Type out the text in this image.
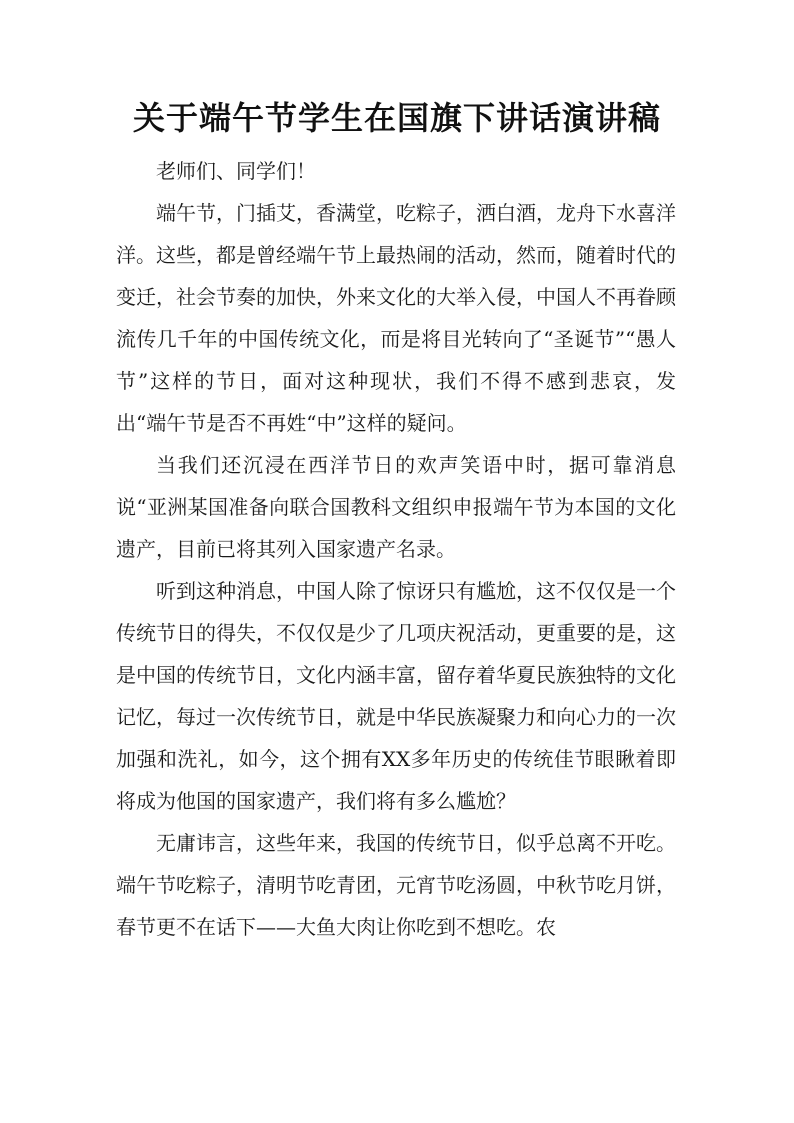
关于端午节学生在国旗下讲话演讲稿

老师们、同学们！

端午节，门插艾，香满堂，吃粽子，洒白酒，龙舟下水喜洋洋。这些，都是曾经端午节上最热闹的活动，然而，随着时代的变迁，社会节奏的加快，外来文化的大举入侵，中国人不再眷顾流传几千年的中国传统文化，而是将目光转向了“圣诞节”“愚人节”这样的节日，面对这种现状，我们不得不感到悲哀，发出“端午节是否不再姓“中”这样的疑问。

当我们还沉浸在西洋节日的欢声笑语中时，据可靠消息说“亚洲某国准备向联合国教科文组织申报端午节为本国的文化遗产，目前已将其列入国家遗产名录。

听到这种消息，中国人除了惊讶只有尴尬，这不仅仅是一个传统节日的得失，不仅仅是少了几项庆祝活动，更重要的是，这是中国的传统节日，文化内涵丰富，留存着华夏民族独特的文化记忆，每过一次传统节日，就是中华民族凝聚力和向心力的一次加强和洗礼，如今，这个拥有XX多年历史的传统佳节眼瞅着即将成为他国的国家遗产，我们将有多么尴尬？

无庸讳言，这些年来，我国的传统节日，似乎总离不开吃。端午节吃粽子，清明节吃青团，元宵节吃汤圆，中秋节吃月饼，春节更不在话下——大鱼大肉让你吃到不想吃。农
